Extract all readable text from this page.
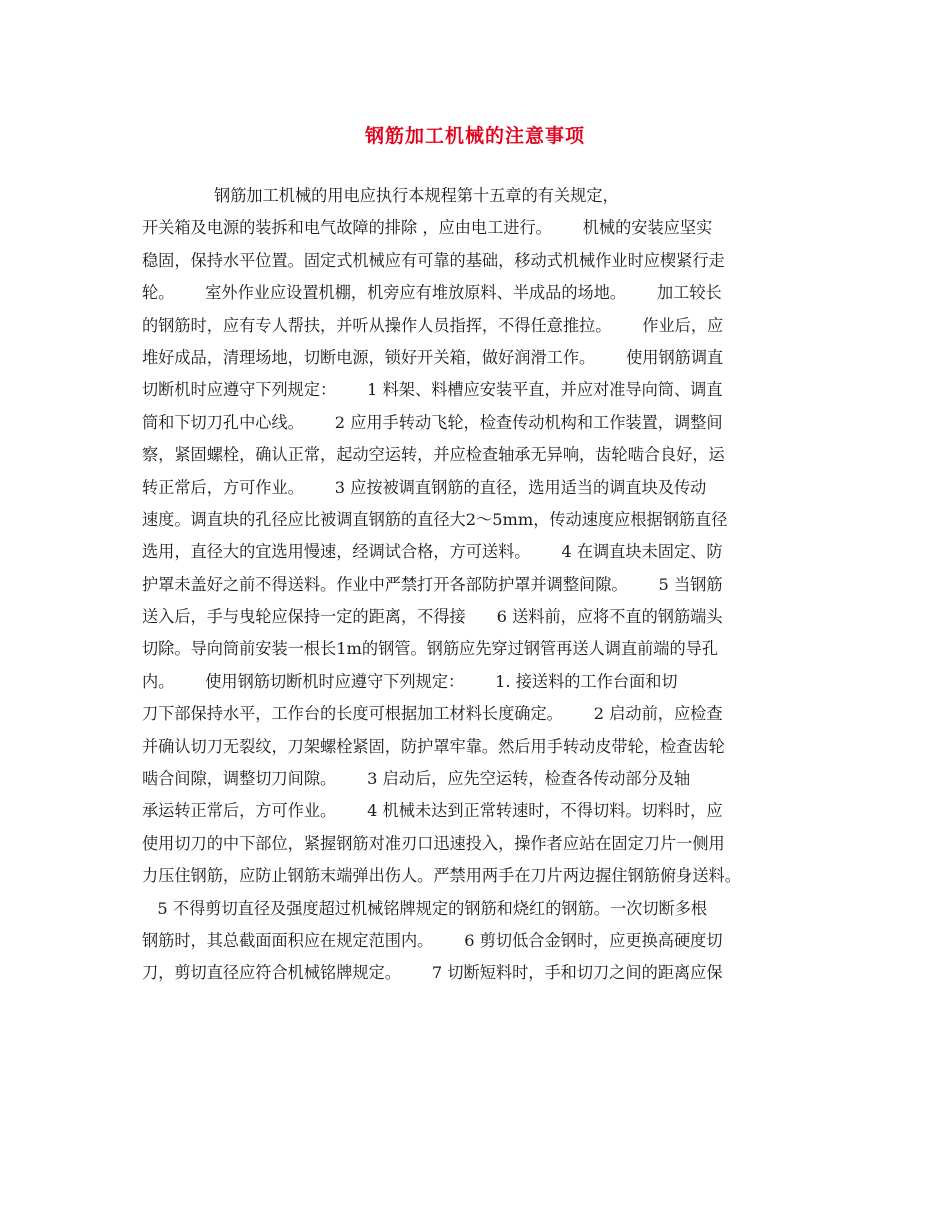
钢筋加工机械的注意事项
钢筋加工机械的用电应执行本规程第十五章的有关规定，
开关箱及电源的装拆和电气故障的排除 ，应由电工进行。      机械的安装应坚实
稳固，保持水平位置。固定式机械应有可靠的基础，移动式机械作业时应楔紧行走
轮。      室外作业应设置机棚，机旁应有堆放原料、半成品的场地。      加工较长
的钢筋时，应有专人帮扶，并听从操作人员指挥，不得任意推拉。      作业后，应
堆好成品，清理场地，切断电源，锁好开关箱，做好润滑工作。      使用钢筋调直
切断机时应遵守下列规定：      1 料架、料槽应安装平直，并应对准导向筒、调直
筒和下切刀孔中心线。      2 应用手转动飞轮，检查传动机构和工作装置，调整间
察，紧固螺栓，确认正常，起动空运转，并应检查轴承无异响，齿轮啮合良好，运
转正常后，方可作业。      3 应按被调直钢筋的直径，选用适当的调直块及传动
速度。调直块的孔径应比被调直钢筋的直径大2～5mm，传动速度应根据钢筋直径
选用，直径大的宜选用慢速，经调试合格，方可送料。      4 在调直块未固定、防
护罩未盖好之前不得送料。作业中严禁打开各部防护罩并调整间隙。      5 当钢筋
送入后，手与曳轮应保持一定的距离，不得接      6 送料前，应将不直的钢筋端头
切除。导向筒前安装一根长1m的钢管。钢筋应先穿过钢管再送人调直前端的导孔
内。      使用钢筋切断机时应遵守下列规定：      1. 接送料的工作台面和切
刀下部保持水平，工作台的长度可根据加工材料长度确定。      2 启动前，应检查
并确认切刀无裂纹，刀架螺栓紧固，防护罩牢靠。然后用手转动皮带轮，检查齿轮
啮合间隙，调整切刀间隙。      3 启动后，应先空运转，检查各传动部分及轴
承运转正常后，方可作业。      4 机械未达到正常转速时，不得切料。切料时，应
使用切刀的中下部位，紧握钢筋对准刃口迅速投入，操作者应站在固定刀片一侧用
力压住钢筋，应防止钢筋末端弹出伤人。严禁用两手在刀片两边握住钢筋俯身送料。
5 不得剪切直径及强度超过机械铭牌规定的钢筋和烧红的钢筋。一次切断多根
钢筋时，其总截面面积应在规定范围内。      6 剪切低合金钢时，应更换高硬度切
刀，剪切直径应符合机械铭牌规定。      7 切断短料时，手和切刀之间的距离应保
